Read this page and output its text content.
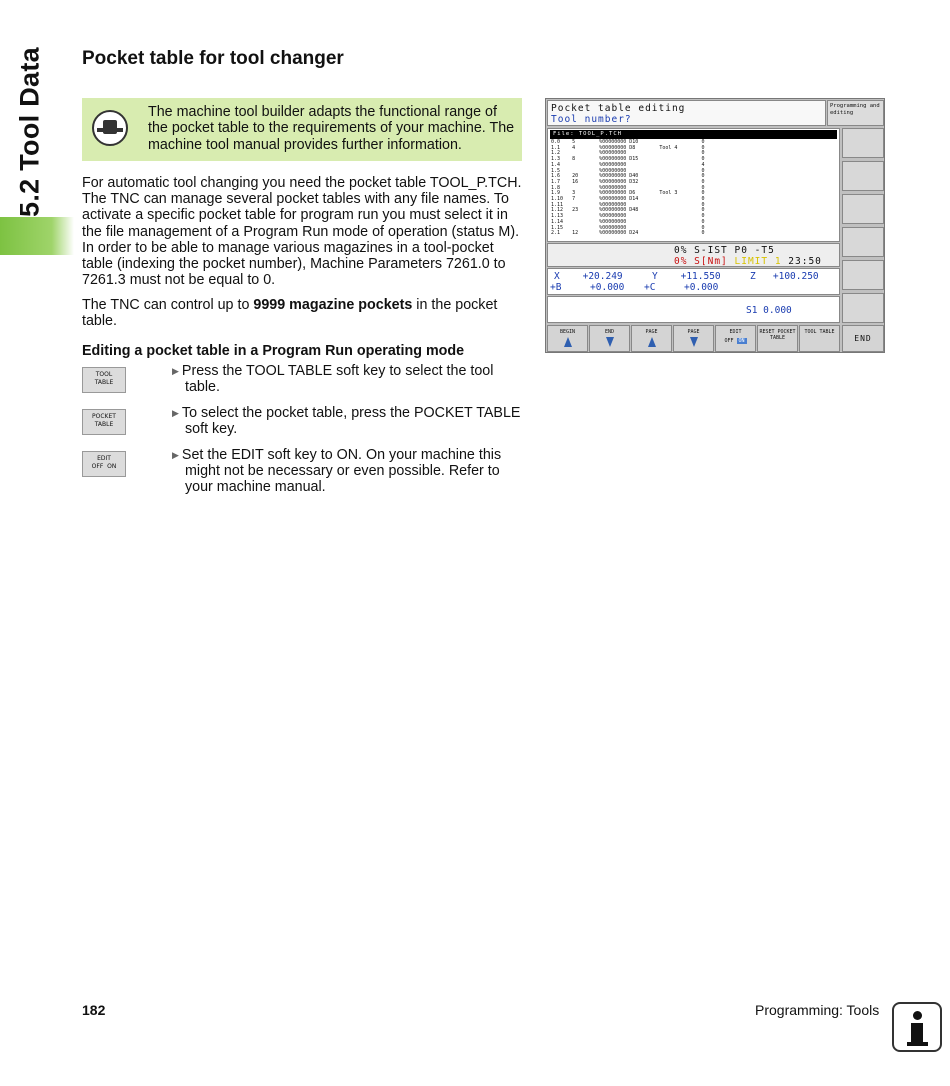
5.2 Tool Data Pocket table for tool changer
The machine tool builder adapts the functional range of the pocket table to the requirements of your machine. The machine tool manual provides further information.

For automatic tool changing you need the pocket table TOOL_P.TCH. The TNC can manage several pocket tables with any file names. To activate a specific pocket table for program run you must select it in the file management of a Program Run mode of operation (status M). In order to be able to manage various magazines in a tool-pocket table (indexing the pocket number), Machine Parameters 7261.0 to 7261.3 must not be equal to 0.

The TNC can control up to 9999 magazine pockets in the pocket table.

Editing a pocket table in a Program Run operating mode
TOOL
TABLE

▶ Press the TOOL TABLE soft key to select the tool table.

POCKET
TABLE

▶ To select the pocket table, press the POCKET TABLE soft key.

EDIT
OFF  ON

▶ Set the EDIT soft key to ON. On your machine this might not be necessary or even possible. Refer to your machine manual.

Pocket table editing
Tool number?
Programming and editing
File: TOOL_P.TCH
0.0    5        %00000000 D10                     0
1.1    4        %00000000 D8        Tool 4        0
1.2             %00000000                         0
1.3    8        %00000000 D15                     0
1.4             %00000000                         4
1.5             %00000000                         0
1.6    20       %00000000 D40                     0
1.7    16       %00000000 D32                     0
1.8             %00000000                         0
1.9    3        %00000000 D6        Tool 3        0
1.10   7        %00000000 D14                     0
1.11            %00000000                         0
1.12   23       %00000000 D48                     0
1.13            %00000000                         0
1.14            %00000000                         0
1.15            %00000000                         0
2.1    12       %00000000 D24                     0
0% S-IST P0 -T5
0% S[Nm] LIMIT 1 23:50
X    +20.249	Y    +11.550	Z   +100.250
+B     +0.000 +C     +0.000
S1 0.000
BEGIN	END	PAGE	PAGE	EDIT
OFF ON
RESET POCKET TABLE
TOOL TABLE
END
182	Programming: Tools
